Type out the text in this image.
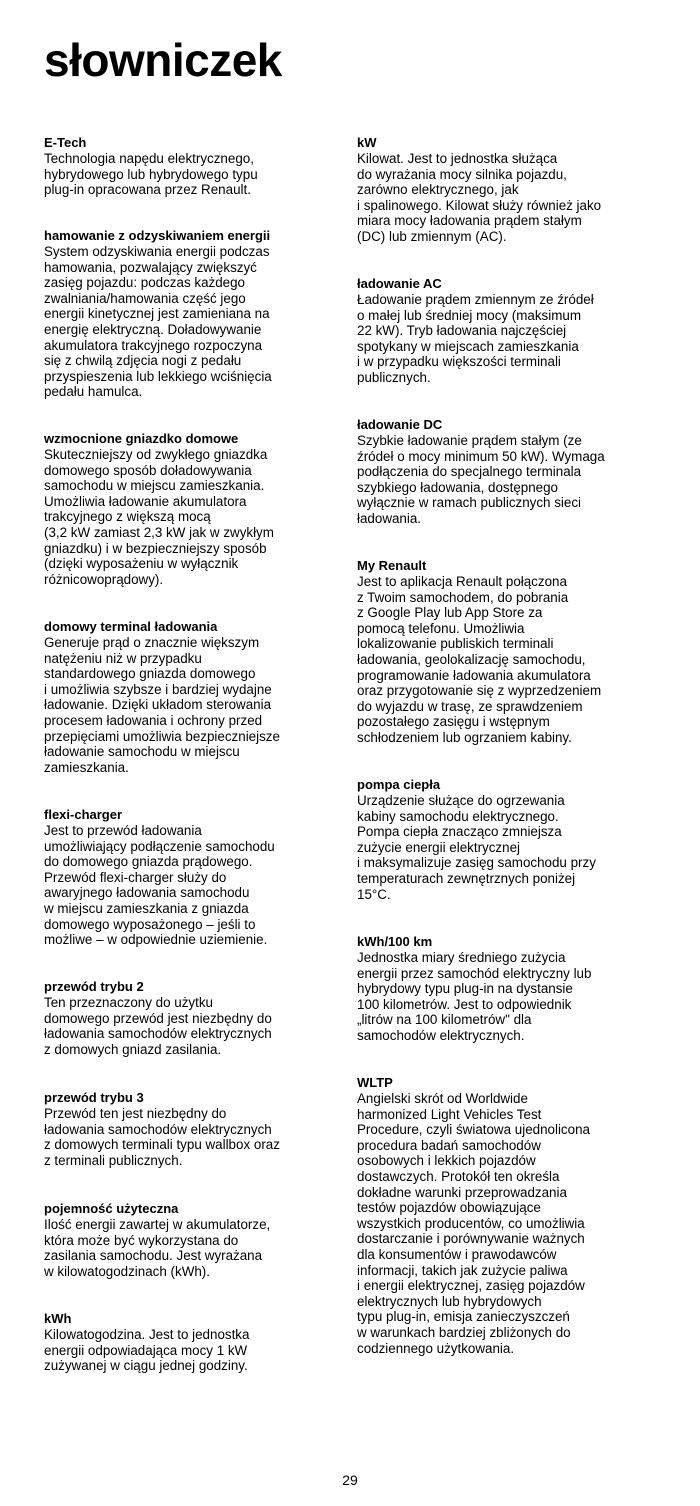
słowniczek

E-Tech

Technologia napędu elektrycznego,
hybrydowego lub hybrydowego typu
plug-in opracowana przez Renault.

hamowanie z odzyskiwaniem energii

System odzyskiwania energii podczas
hamowania, pozwalający zwiększyć
zasięg pojazdu: podczas każdego
zwalniania/hamowania część jego
energii kinetycznej jest zamieniana na
energię elektryczną. Doładowywanie
akumulatora trakcyjnego rozpoczyna
się z chwilą zdjęcia nogi z pedału
przyspieszenia lub lekkiego wciśnięcia
pedału hamulca.

wzmocnione gniazdko domowe

Skuteczniejszy od zwykłego gniazdka
domowego sposób doładowywania
samochodu w miejscu zamieszkania.
Umożliwia ładowanie akumulatora
trakcyjnego z większą mocą
(3,2 kW zamiast 2,3 kW jak w zwykłym
gniazdku) i w bezpieczniejszy sposób
(dzięki wyposażeniu w wyłącznik
różnicowoprądowy).

domowy terminal ładowania

Generuje prąd o znacznie większym
natężeniu niż w przypadku
standardowego gniazda domowego
i umożliwia szybsze i bardziej wydajne
ładowanie. Dzięki układom sterowania
procesem ładowania i ochrony przed
przepięciami umożliwia bezpieczniejsze
ładowanie samochodu w miejscu
zamieszkania.

flexi-charger

Jest to przewód ładowania
umożliwiający podłączenie samochodu
do domowego gniazda prądowego.
Przewód flexi-charger służy do
awaryjnego ładowania samochodu
w miejscu zamieszkania z gniazda
domowego wyposażonego – jeśli to
możliwe – w odpowiednie uziemienie.

przewód trybu 2

Ten przeznaczony do użytku
domowego przewód jest niezbędny do
ładowania samochodów elektrycznych
z domowych gniazd zasilania.

przewód trybu 3

Przewód ten jest niezbędny do
ładowania samochodów elektrycznych
z domowych terminali typu wallbox oraz
z terminali publicznych.

pojemność użyteczna

Ilość energii zawartej w akumulatorze,
która może być wykorzystana do
zasilania samochodu. Jest wyrażana
w kilowatogodzinach (kWh).

kWh

Kilowatogodzina. Jest to jednostka
energii odpowiadająca mocy 1 kW
zużywanej w ciągu jednej godziny.

kW

Kilowat. Jest to jednostka służąca
do wyrażania mocy silnika pojazdu,
zarówno elektrycznego, jak
i spalinowego. Kilowat służy również jako
miara mocy ładowania prądem stałym
(DC) lub zmiennym (AC).

ładowanie AC

Ładowanie prądem zmiennym ze źródeł
o małej lub średniej mocy (maksimum
22 kW). Tryb ładowania najczęściej
spotykany w miejscach zamieszkania
i w przypadku większości terminali
publicznych.

ładowanie DC

Szybkie ładowanie prądem stałym (ze
źródeł o mocy minimum 50 kW). Wymaga
podłączenia do specjalnego terminala
szybkiego ładowania, dostępnego
wyłącznie w ramach publicznych sieci
ładowania.

My Renault

Jest to aplikacja Renault połączona
z Twoim samochodem, do pobrania
z Google Play lub App Store za
pomocą telefonu. Umożliwia
lokalizowanie publiskich terminali
ładowania, geolokalizację samochodu,
programowanie ładowania akumulatora
oraz przygotowanie się z wyprzedzeniem
do wyjazdu w trasę, ze sprawdzeniem
pozostałego zasięgu i wstępnym
schłodzeniem lub ogrzaniem kabiny.

pompa ciepła

Urządzenie służące do ogrzewania
kabiny samochodu elektrycznego.
Pompa ciepła znacząco zmniejsza
zużycie energii elektrycznej
i maksymalizuje zasięg samochodu przy
temperaturach zewnętrznych poniżej
15°C.

kWh/100 km

Jednostka miary średniego zużycia
energii przez samochód elektryczny lub
hybrydowy typu plug-in na dystansie
100 kilometrów. Jest to odpowiednik
„litrów na 100 kilometrów" dla
samochodów elektrycznych.

WLTP

Angielski skrót od Worldwide
harmonized Light Vehicles Test
Procedure, czyli światowa ujednolicona
procedura badań samochodów
osobowych i lekkich pojazdów
dostawczych. Protokół ten określa
dokładne warunki przeprowadzania
testów pojazdów obowiązujące
wszystkich producentów, co umożliwia
dostarczanie i porównywanie ważnych
dla konsumentów i prawodawców
informacji, takich jak zużycie paliwa
i energii elektrycznej, zasięg pojazdów
elektrycznych lub hybrydowych
typu plug-in, emisja zanieczyszczeń
w warunkach bardziej zbliżonych do
codziennego użytkowania.

29
